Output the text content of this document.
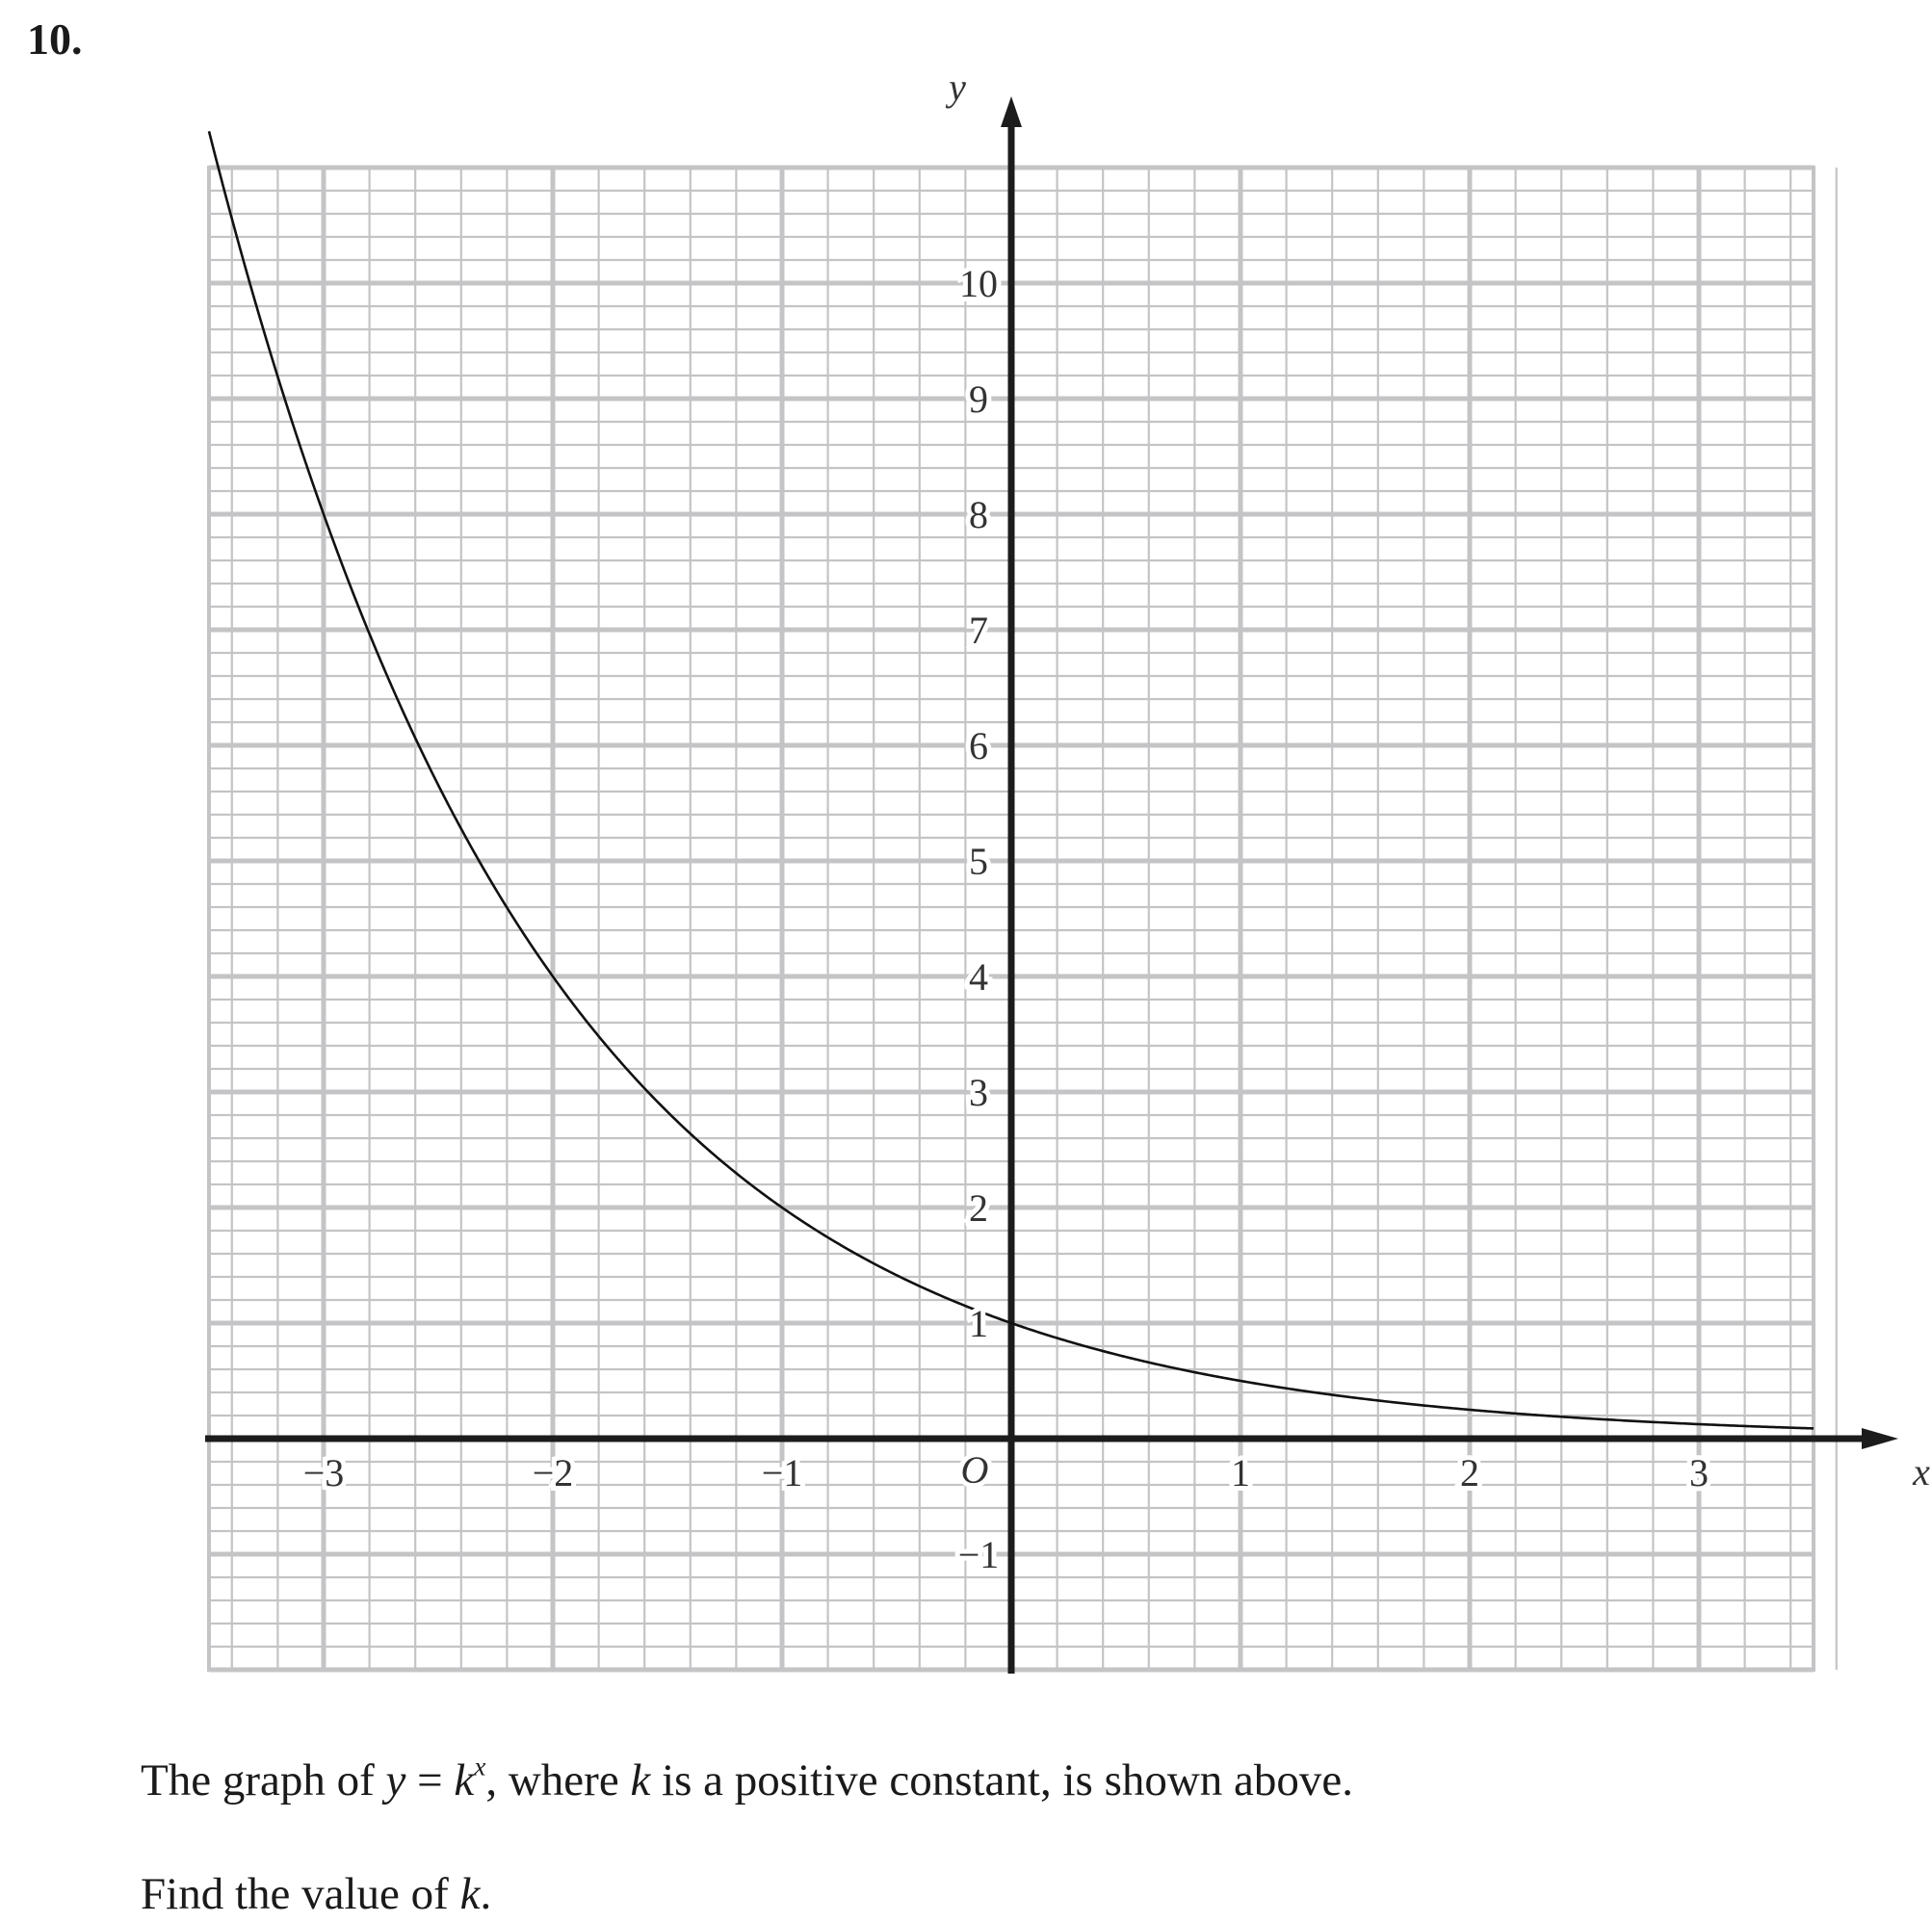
10.
−3	−2	−1	1	2	3
−1
1
2
3
4
5
6
7
8
9
10
O	x
y
The graph of $y = k^x$, where k is a positive constant, is shown above.
Find the value of k.
